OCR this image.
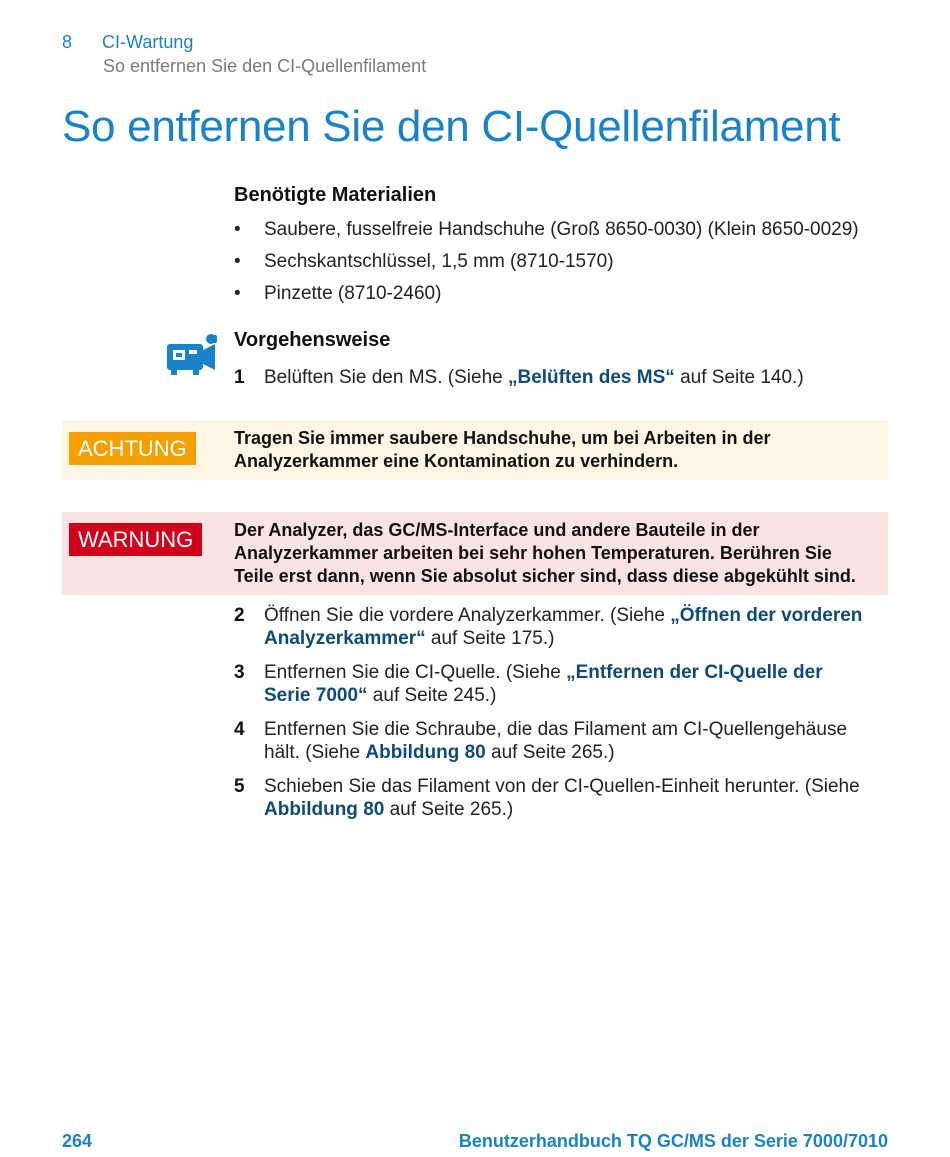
8 CI-Wartung
So entfernen Sie den CI-Quellenfilament
So entfernen Sie den CI-Quellenfilament
Benötigte Materialien
• Saubere, fusselfreie Handschuhe (Groß 8650-0030) (Klein 8650-0029)
• Sechskantschlüssel, 1,5 mm (8710-1570)
• Pinzette (8710-2460)
Vorgehensweise
1 Belüften Sie den MS. (Siehe „Belüften des MS“ auf Seite 140.)
ACHTUNG	Tragen Sie immer saubere Handschuhe, um bei Arbeiten in der Analyzerkammer eine Kontamination zu verhindern.
WARNUNG	Der Analyzer, das GC/MS-Interface und andere Bauteile in der Analyzerkammer arbeiten bei sehr hohen Temperaturen. Berühren Sie Teile erst dann, wenn Sie absolut sicher sind, dass diese abgekühlt sind.
2 Öffnen Sie die vordere Analyzerkammer. (Siehe „Öffnen der vorderen Analyzerkammer“ auf Seite 175.)
3 Entfernen Sie die CI-Quelle. (Siehe „Entfernen der CI-Quelle der Serie 7000“ auf Seite 245.)
4 Entfernen Sie die Schraube, die das Filament am CI-Quellengehäuse hält. (Siehe Abbildung 80 auf Seite 265.)
5 Schieben Sie das Filament von der CI-Quellen-Einheit herunter. (Siehe Abbildung 80 auf Seite 265.)
264	Benutzerhandbuch TQ GC/MS der Serie 7000/7010
